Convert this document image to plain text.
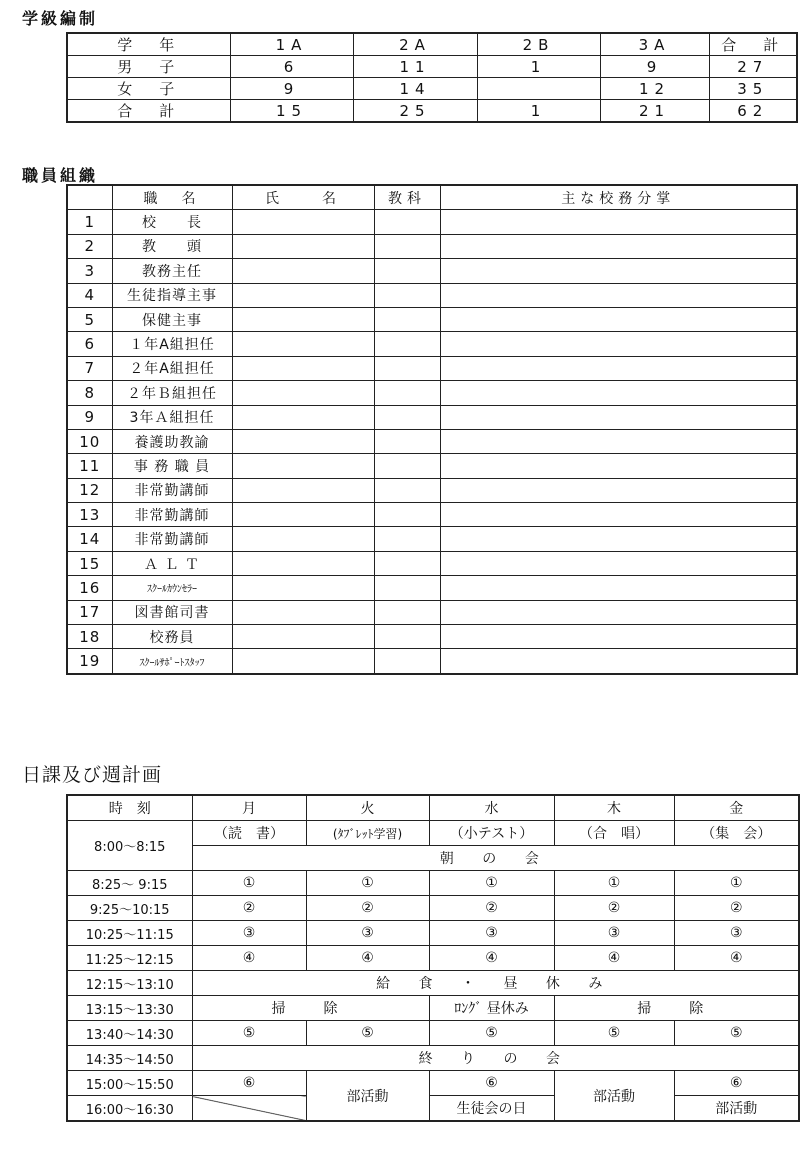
学級編制
学　年	1A	2A	2B	3A	合　計
男　子	6	11	1	9	27
女　子	9	14		12	35
合　計	15	25	1	21	62
職員組織
	職　名	氏　　名	教科	主な校務分掌
1	校　　長			
2	教　　頭			
3	教務主任			
4	生徒指導主事			
5	保健主事			
6	１年A組担任			
7	２年A組担任			
8	２年Ｂ組担任			
9	3年Ａ組担任			
10	養護助教諭			
11	事 務 職 員			
12	非常勤講師			
13	非常勤講師			
14	非常勤講師			
15	Ａ Ｌ Ｔ			
16	ｽｸｰﾙｶｳﾝｾﾗｰ			
17	図書館司書			
18	校務員			
19	ｽｸｰﾙｻﾎﾟｰﾄｽﾀｯﾌ			
日課及び週計画
時　刻	月	火	水	木	金
8:00～8:15	（読　書）	(ﾀﾌﾞﾚｯﾄ学習)	（小テスト）	（合　唱）	（集　会）
	朝 の 会				
8:25～ 9:15	①	①	①	①	①
9:25～10:15	②	②	②	②	②
10:25～11:15	③	③	③	③	③
11:25～12:15	④	④	④	④	④
12:15～13:10	給 食 ・ 昼 休 み				
13:15～13:30	掃　除		ﾛﾝｸﾞ 昼休み	掃　除	
13:40～14:30	⑤	⑤	⑤	⑤	⑤
14:35～14:50	終 り の 会				
15:00～15:50	⑥	部活動	⑥	部活動	⑥
16:00～16:30			生徒会の日		部活動
